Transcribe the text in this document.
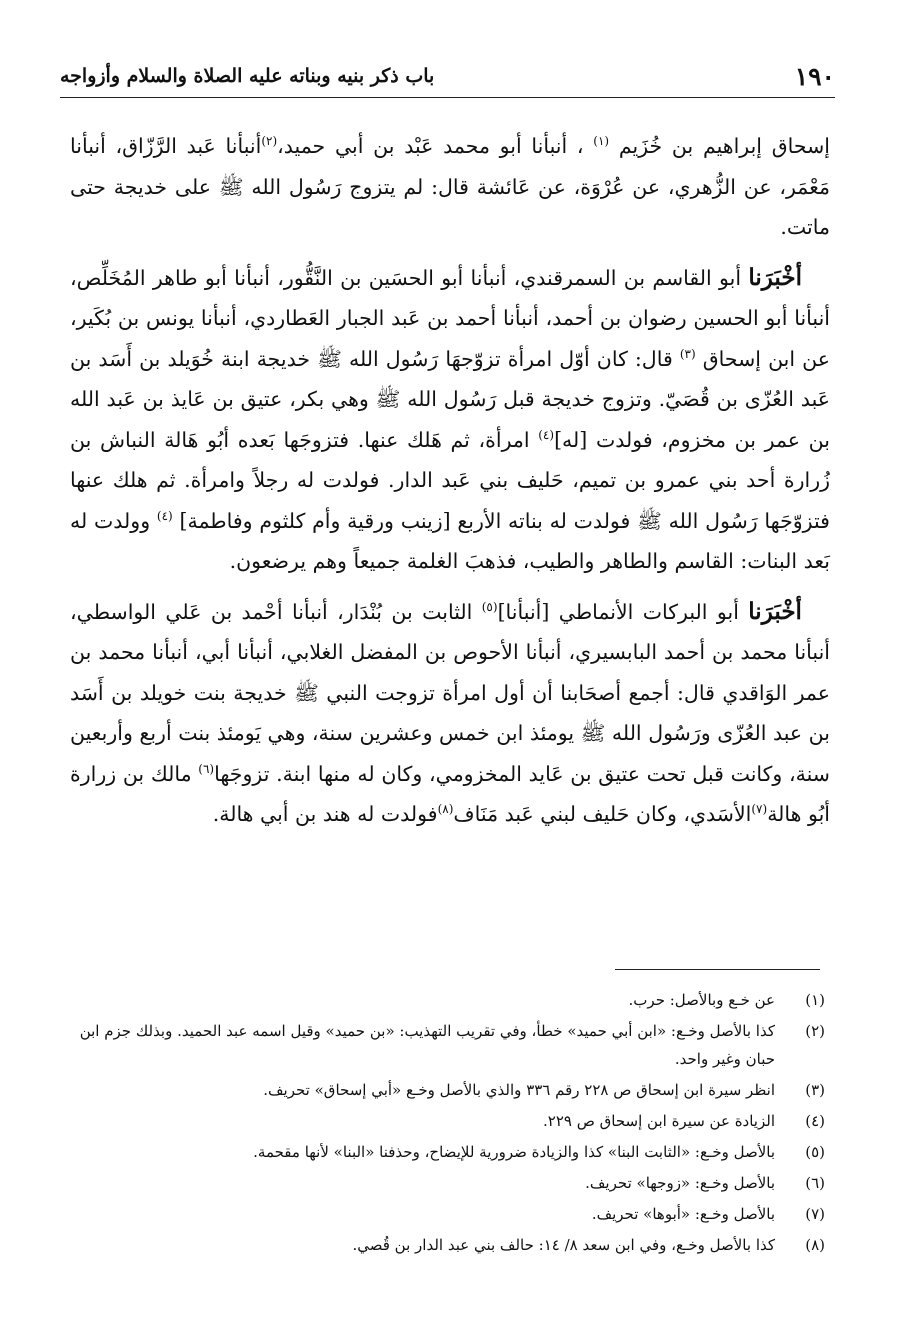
١٩٠
باب ذكر بنيه وبناته عليه الصلاة والسلام وأزواجه

إسحاق إبراهيم بن خُزَيم $^{(١)}$ ، أنبأنا أبو محمد عَبْد بن أبي حميد،$^{(٢)}$أنبأنا عَبد الرَّزّاق، أنبأنا مَعْمَر، عن الزُّهري، عن عُرْوَة، عن عَائشة قال: لم يتزوج رَسُول الله ﷺ على خديجة حتى ماتت.

أخْبَرَنا أبو القاسم بن السمرقندي، أنبأنا أبو الحسَين بن النَّقُّور، أنبأنا أبو طاهر المُخَلِّص، أنبأنا أبو الحسين رضوان بن أحمد، أنبأنا أحمد بن عَبد الجبار العَطاردي، أنبأنا يونس بن بُكَير، عن ابن إسحاق $^{(٣)}$ قال: كان أوّل امرأة تزوّجهَا رَسُول الله ﷺ خديجة ابنة خُوَيلد بن أَسَد بن عَبد العُزّى بن قُصَيّ. وتزوج خديجة قبل رَسُول الله ﷺ وهي بكر، عتيق بن عَايذ بن عَبد الله بن عمر بن مخزوم، فولدت [له]$^{(٤)}$ امرأة، ثم هَلك عنها. فتزوجَها بَعده أبُو هَالة النباش بن زُرارة أحد بني عمرو بن تميم، حَليف بني عَبد الدار. فولدت له رجلاً وامرأة. ثم هلك عنها فتزوّجَها رَسُول الله ﷺ فولدت له بناته الأربع [زينب ورقية وأم كلثوم وفاطمة] $^{(٤)}$ وولدت له بَعد البنات: القاسم والطاهر والطيب، فذهبَ الغلمة جميعاً وهم يرضعون.

أخْبَرَنا أبو البركات الأنماطي [أنبأنا]$^{(٥)}$ الثابت بن بُنْدَار، أنبأنا أحْمد بن عَلي الواسطي، أنبأنا محمد بن أحمد البابسيري، أنبأنا الأحوص بن المفضل الغلابي، أنبأنا أبي، أنبأنا محمد بن عمر الوَاقدي قال: أجمع أصحَابنا أن أول امرأة تزوجت النبي ﷺ خديجة بنت خويلد بن أَسَد بن عبد العُزّى ورَسُول الله ﷺ يومئذ ابن خمس وعشرين سنة، وهي يَومئذ بنت أربع وأربعين سنة، وكانت قبل تحت عتيق بن عَايد المخزومي، وكان له منها ابنة. تزوجَها$^{(٦)}$ مالك بن زرارة أبُو هالة$^{(٧)}$الأسَدي، وكان حَليف لبني عَبد مَنَاف$^{(٨)}$فولدت له هند بن أبي هالة.

(١)
عن خـع وبالأصل: حرب.
(٢)
كذا بالأصل وخـع: «ابن أبي حميد» خطأ، وفي تقريب التهذيب: «بن حميد» وقيل اسمه عبد الحميد. وبذلك جزم ابن حبان وغير واحد.
(٣)
انظر سيرة ابن إسحاق ص ٢٢٨ رقم ٣٣٦ والذي بالأصل وخـع «أبي إسحاق» تحريف.
(٤)
الزيادة عن سيرة ابن إسحاق ص ٢٢٩.
(٥)
بالأصل وخـع: «الثابت البنا» كذا والزيادة ضرورية للإيضاح، وحذفنا «البنا» لأنها مقحمة.
(٦)
بالأصل وخـع: «زوجها» تحريف.
(٧)
بالأصل وخـع: «أبوها» تحريف.
(٨)
كذا بالأصل وخـع، وفي ابن سعد ٨/ ١٤: حالف بني عبد الدار بن قُصي.
